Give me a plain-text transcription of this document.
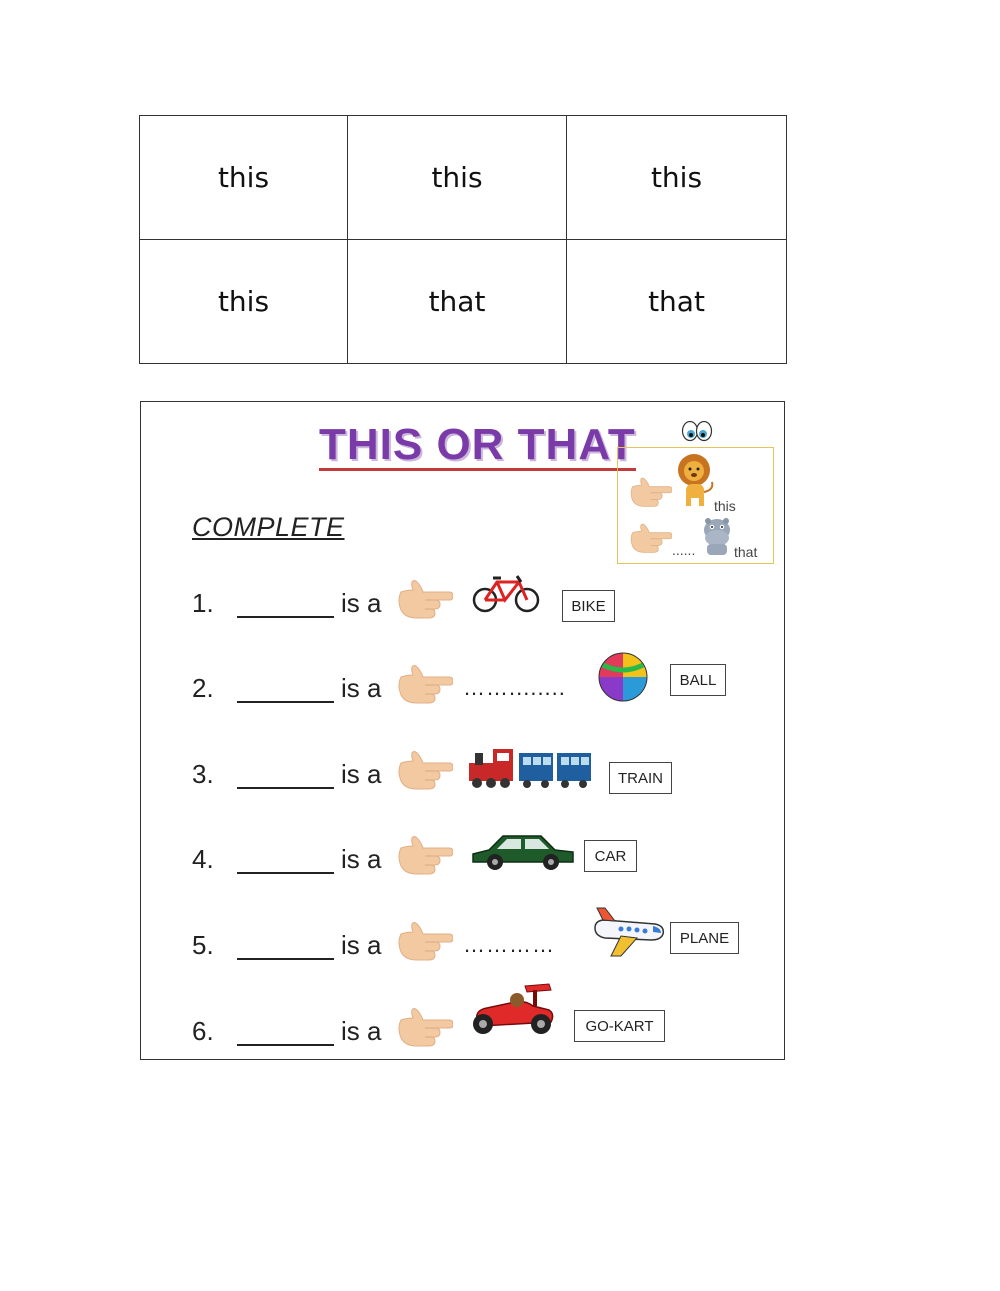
this	this	this
this	that	that
THIS OR THAT
COMPLETE
this
......	that
1.	is a	BIKE
2.	is a	……........	BALL
3.	is a	TRAIN
4.	is a	CAR
5.	is a	…………	PLANE
6.	is a	GO-KART
